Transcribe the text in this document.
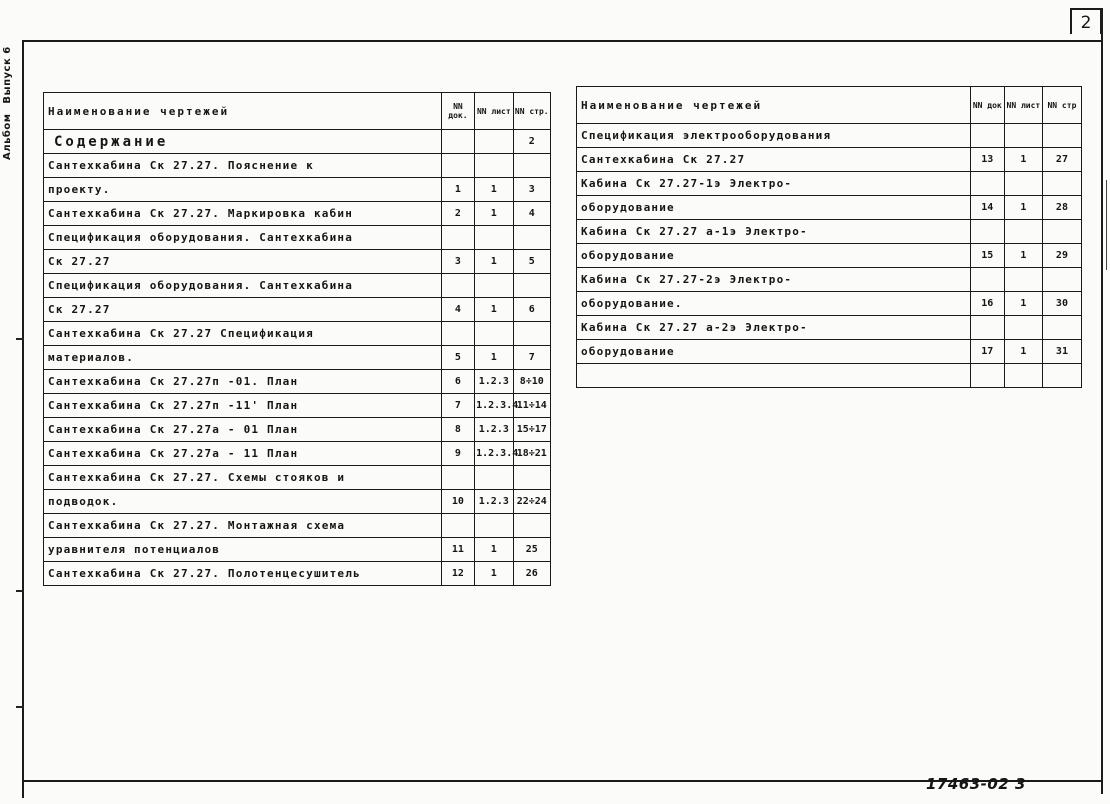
2
АльбомВыпуск 6
17463-02 3
Наименование чертежей	NN док.	NN лист	NN стр.
Содержание			2
Сантехкабина Ск 27.27. Пояснение к			
проекту.	1	1	3
Сантехкабина Ск 27.27. Маркировка кабин	2	1	4
Спецификация оборудования. Сантехкабина			
Ск 27.27	3	1	5
Спецификация оборудования. Сантехкабина			
Ск 27.27	4	1	6
Сантехкабина Ск 27.27 Спецификация			
материалов.	5	1	7
Сантехкабина Ск 27.27п -01. План	6	1.2.3	8÷10
Сантехкабина Ск 27.27п -11' План	7	1.2.3.4	11÷14
Сантехкабина Ск 27.27а - 01 План	8	1.2.3	15÷17
Сантехкабина Ск 27.27а - 11 План	9	1.2.3.4	18÷21
Сантехкабина Ск 27.27. Схемы стояков и			
подводок.	10	1.2.3	22÷24
Сантехкабина Ск 27.27. Монтажная схема			
уравнителя потенциалов	11	1	25
Сантехкабина Ск 27.27. Полотенцесушитель	12	1	26
Наименование чертежей	NN док	NN лист	NN стр
Спецификация электрооборудования			
Сантехкабина Ск 27.27	13	1	27
Кабина Ск 27.27-1э Электро-			
оборудование	14	1	28
Кабина Ск 27.27 а-1э Электро-			
оборудование	15	1	29
Кабина Ск 27.27-2э Электро-			
оборудование.	16	1	30
Кабина Ск 27.27 а-2э Электро-			
оборудование	17	1	31
